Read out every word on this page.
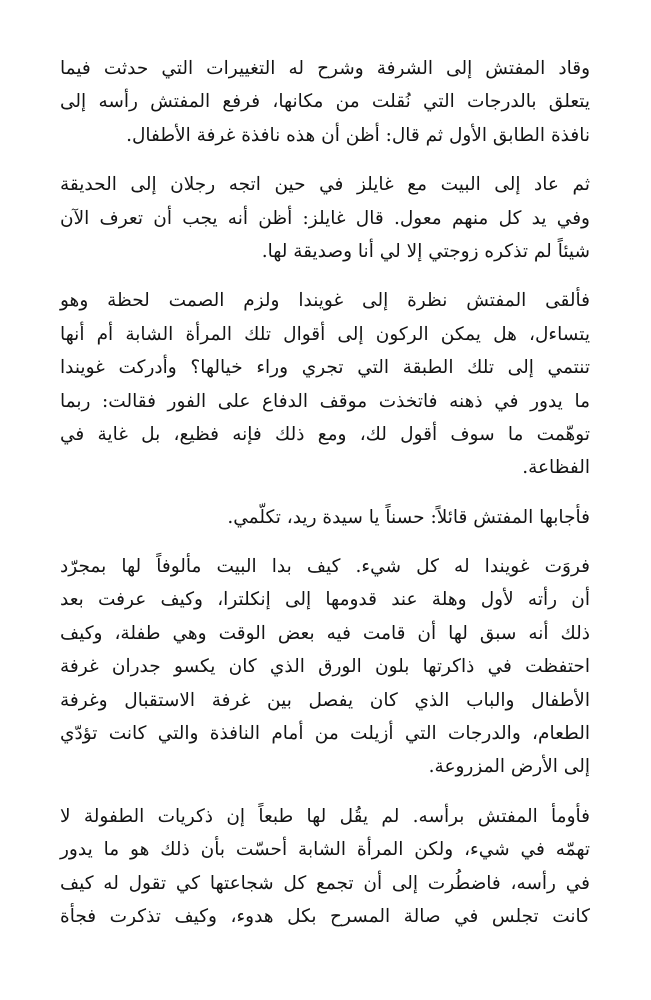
وقاد المفتش إلى الشرفة وشرح له التغييرات التي حدثت فيما
يتعلق بالدرجات التي نُقلت من مكانها، فرفع المفتش رأسه إلى
نافذة الطابق الأول ثم قال: أظن أن هذه نافذة غرفة الأطفال.
ثم عاد إلى البيت مع غايلز في حين اتجه رجلان إلى الحديقة
وفي يد كل منهم معول. قال غايلز: أظن أنه يجب أن تعرف الآن
شيئاً لم تذكره زوجتي إلا لي أنا وصديقة لها.
فألقى المفتش نظرة إلى غويندا ولزم الصمت لحظة وهو
يتساءل، هل يمكن الركون إلى أقوال تلك المرأة الشابة أم أنها
تنتمي إلى تلك الطبقة التي تجري وراء خيالها؟ وأدركت غويندا
ما يدور في ذهنه فاتخذت موقف الدفاع على الفور فقالت: ربما
توهّمت ما سوف أقول لك، ومع ذلك فإنه فظيع، بل غاية في
الفظاعة.
فأجابها المفتش قائلاً: حسناً يا سيدة ريد، تكلّمي.
فروَت غويندا له كل شيء. كيف بدا البيت مألوفاً لها بمجرّد
أن رأته لأول وهلة عند قدومها إلى إنكلترا، وكيف عرفت بعد
ذلك أنه سبق لها أن قامت فيه بعض الوقت وهي طفلة، وكيف
احتفظت في ذاكرتها بلون الورق الذي كان يكسو جدران غرفة
الأطفال والباب الذي كان يفصل بين غرفة الاستقبال وغرفة
الطعام، والدرجات التي أزيلت من أمام النافذة والتي كانت تؤدّي
إلى الأرض المزروعة.
فأومأ المفتش برأسه. لم يقُل لها طبعاً إن ذكريات الطفولة لا
تهمّه في شيء، ولكن المرأة الشابة أحسّت بأن ذلك هو ما يدور
في رأسه، فاضطُرت إلى أن تجمع كل شجاعتها كي تقول له كيف
كانت تجلس في صالة المسرح بكل هدوء، وكيف تذكرت فجأة
